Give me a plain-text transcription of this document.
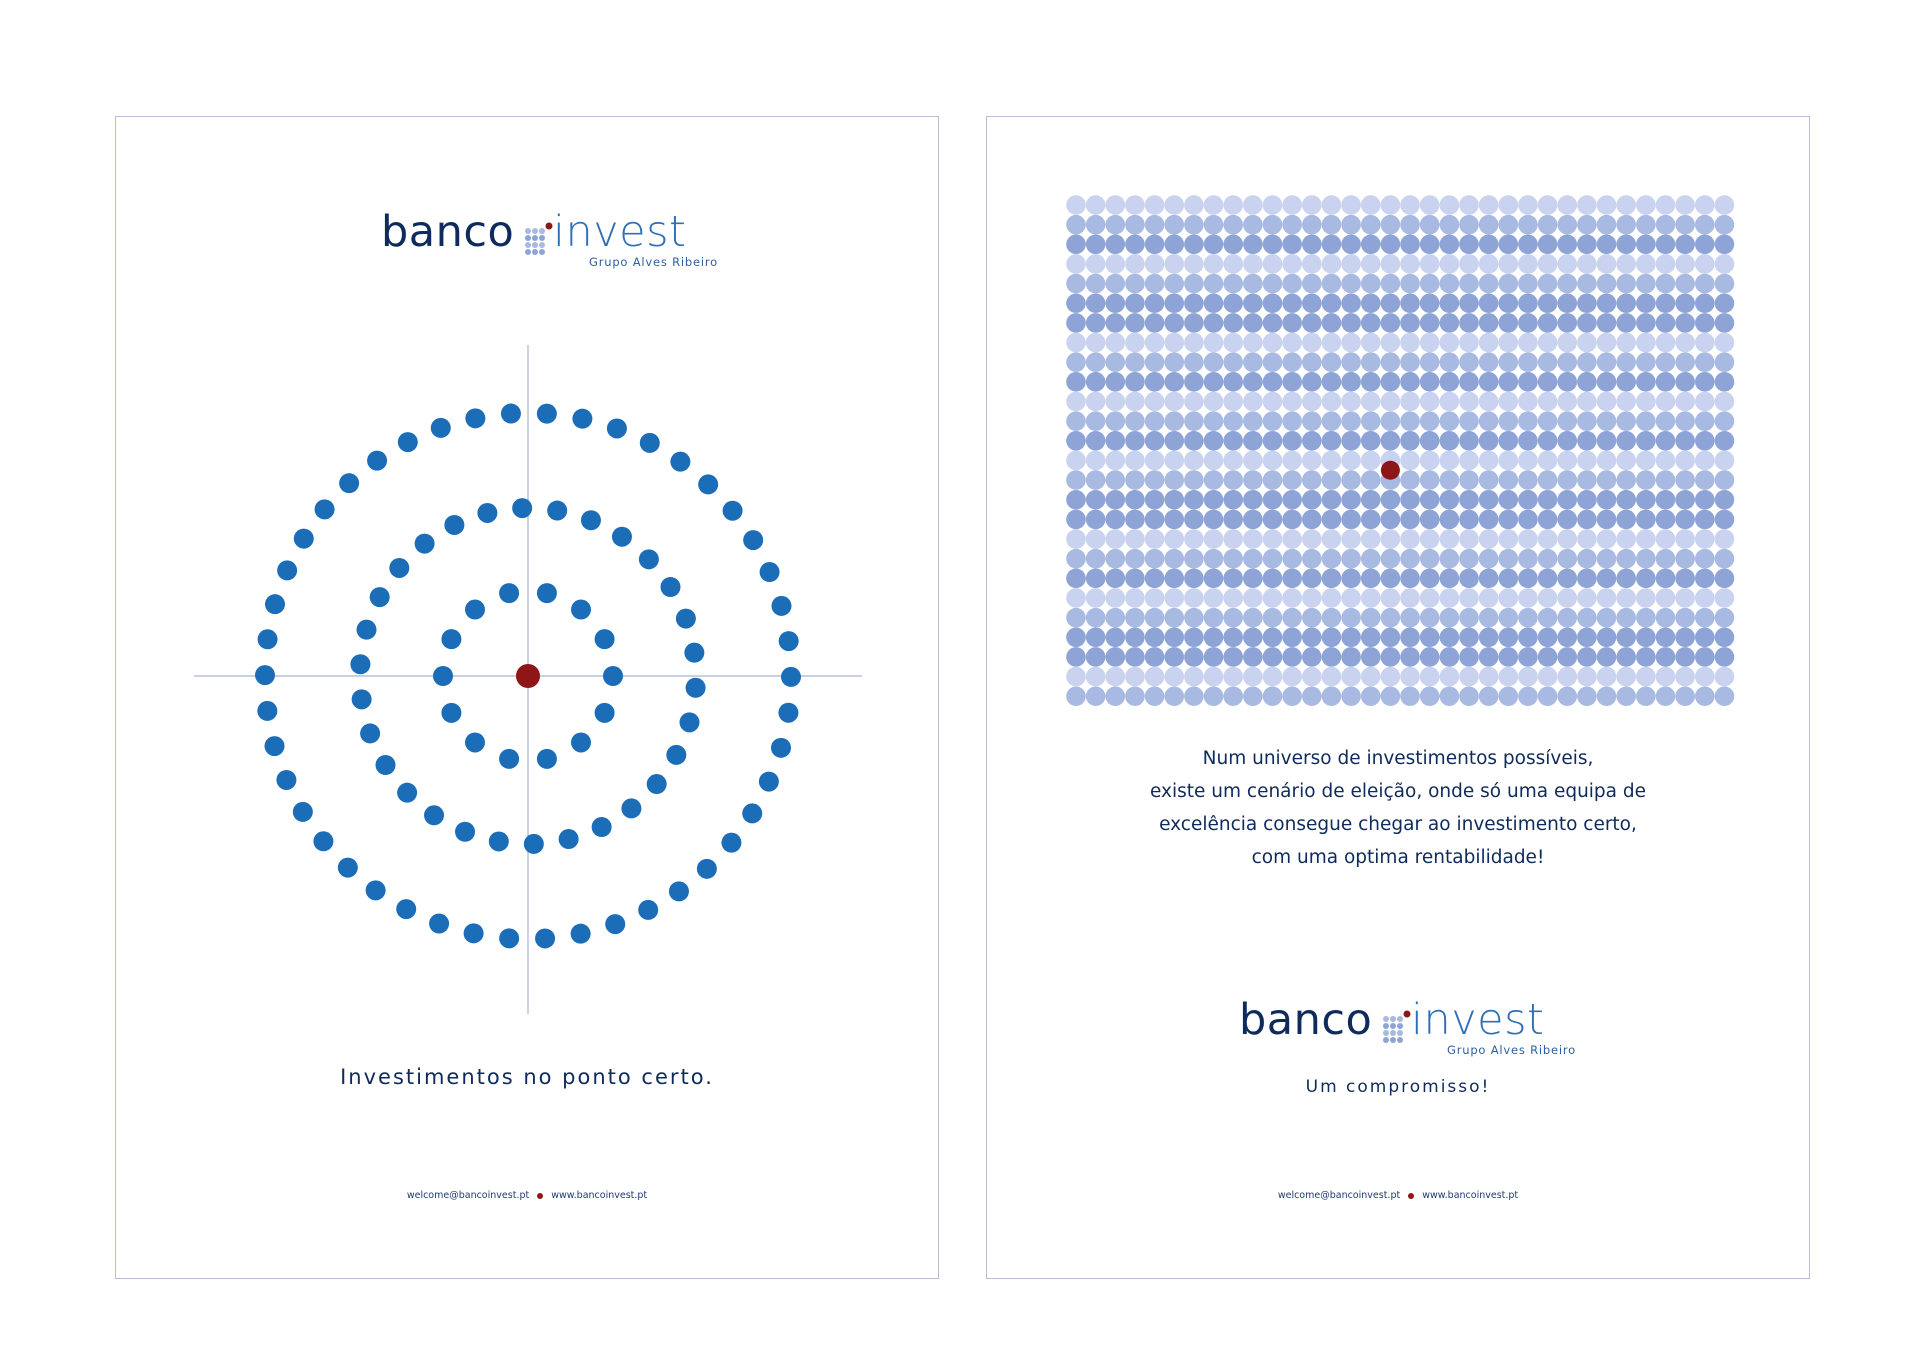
banco invest
Grupo Alves Ribeiro
Investimentos no ponto certo.
welcome@bancoinvest.pt www.bancoinvest.pt
Num universo de investimentos possíveis,
existe um cenário de eleição, onde só uma equipa de
excelência consegue chegar ao investimento certo,
com uma optima rentabilidade!
banco invest
Grupo Alves Ribeiro
Um compromisso!
welcome@bancoinvest.pt www.bancoinvest.pt
